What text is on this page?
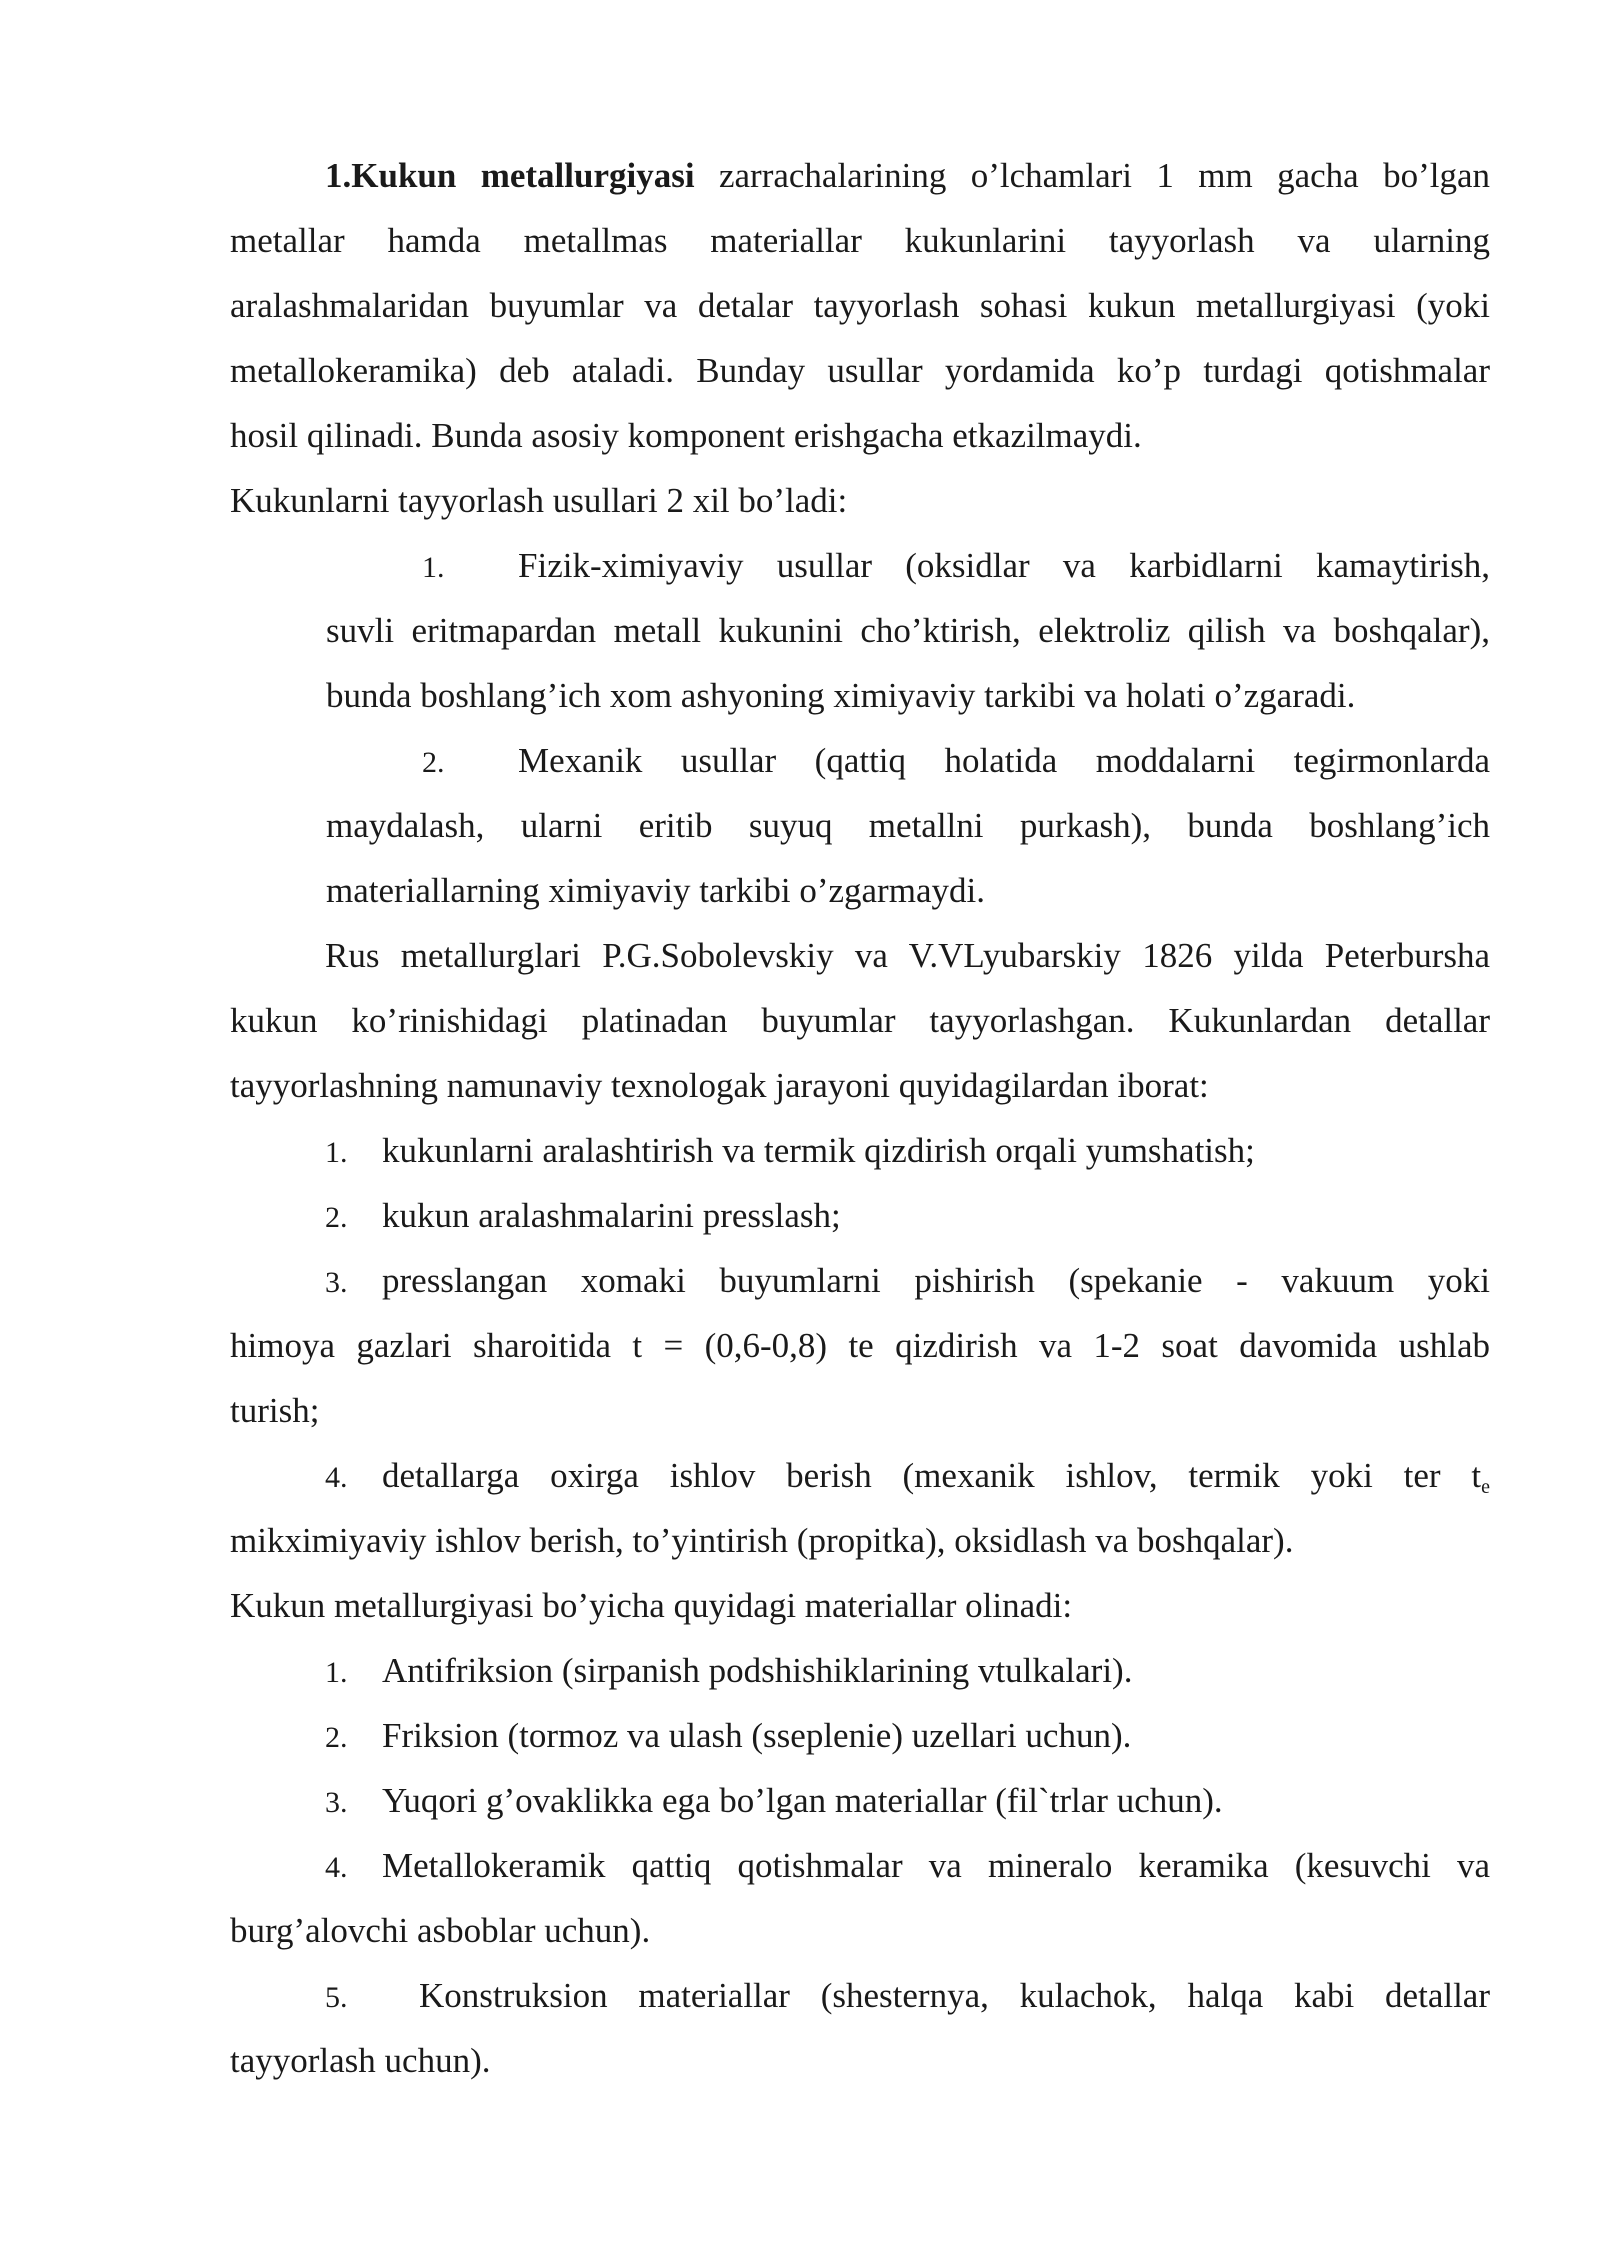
1.Kukun metallurgiyasi zarrachalarining o’lchamlari 1 mm gacha bo’lgan
metallar hamda metallmas materiallar kukunlarini tayyorlash va ularning
aralashmalaridan buyumlar va detalar tayyorlash sohasi kukun metallurgiyasi (yoki
metallokeramika) deb ataladi. Bunday usullar yordamida ko’p turdagi qotishmalar
hosil qilinadi. Bunda asosiy komponent erishgacha etkazilmaydi.
Kukunlarni tayyorlash usullari 2 xil bo’ladi:
1.	Fizik-ximiyaviy usullar (oksidlar va karbidlarni kamaytirish,
suvli eritmapardan metall kukunini cho’ktirish, elektroliz qilish va boshqalar),
bunda boshlang’ich xom ashyoning ximiyaviy tarkibi va holati o’zgaradi.
2.	Mexanik usullar (qattiq holatida moddalarni tegirmonlarda
maydalash, ularni eritib suyuq metallni purkash), bunda boshlang’ich
materiallarning ximiyaviy tarkibi o’zgarmaydi.
Rus metallurglari P.G.Sobolevskiy va V.VLyubarskiy 1826 yilda Peterbursha
kukun ko’rinishidagi platinadan buyumlar tayyorlashgan. Kukunlardan detallar
tayyorlashning namunaviy texnologak jarayoni quyidagilardan iborat:
1. kukunlarni aralashtirish va termik qizdirish orqali yumshatish;
2. kukun aralashmalarini presslash;
3. presslangan xomaki buyumlarni pishirish (spekanie - vakuum yoki
himoya gazlari sharoitida t = (0,6-0,8) te qizdirish va 1-2 soat davomida ushlab
turish;
4. detallarga oxirga ishlov berish (mexanik ishlov, termik yoki ter $t_e$
mikximiyaviy ishlov berish, to’yintirish (propitka), oksidlash va boshqalar).
Kukun metallurgiyasi bo’yicha quyidagi materiallar olinadi:
1. Antifriksion (sirpanish podshishiklarining vtulkalari).
2. Friksion (tormoz va ulash (sseplenie) uzellari uchun).
3. Yuqori g’ovaklikka ega bo’lgan materiallar (fil`trlar uchun).
4. Metallokeramik qattiq qotishmalar va mineralo keramika (kesuvchi va
burg’alovchi asboblar uchun).
5.	Konstruksion materiallar (shesternya, kulachok, halqa kabi detallar
tayyorlash uchun).
